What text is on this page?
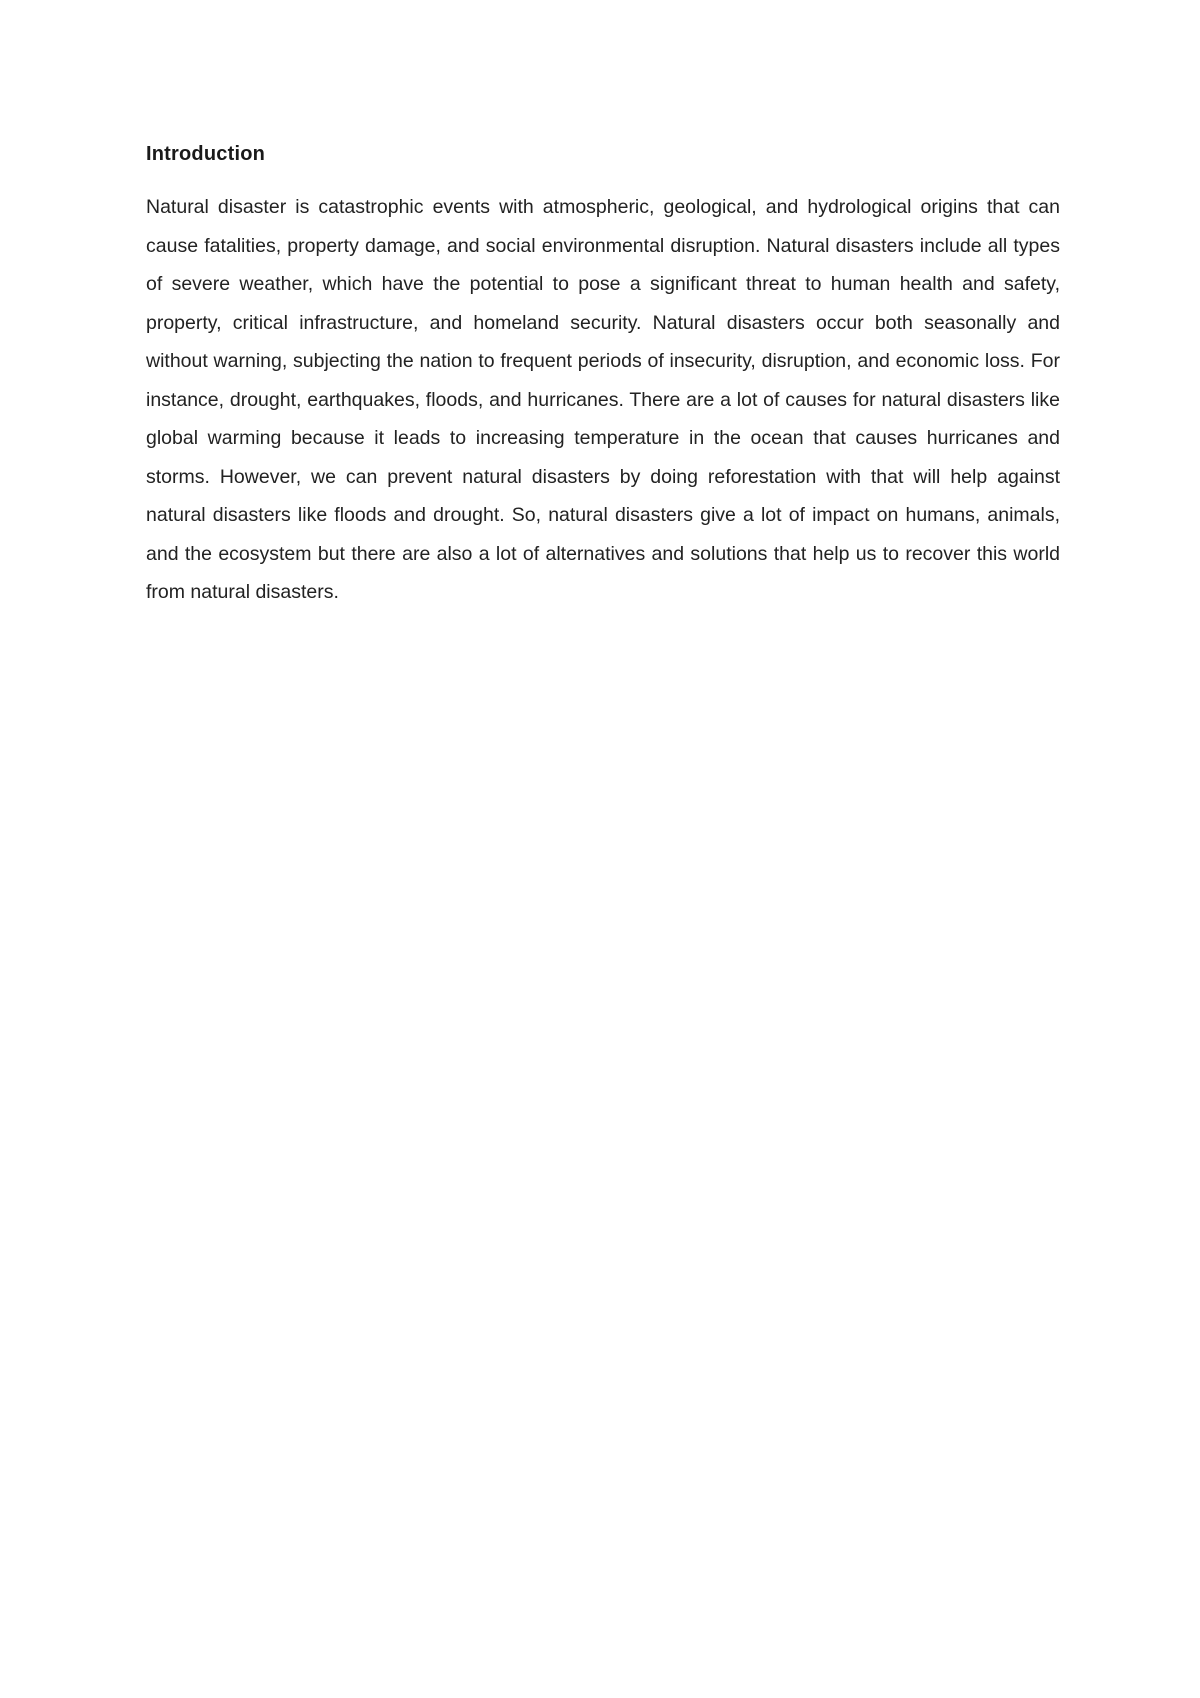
Introduction

Natural disaster is catastrophic events with atmospheric, geological, and hydrological origins that can cause fatalities, property damage, and social environmental disruption. Natural disasters include all types of severe weather, which have the potential to pose a significant threat to human health and safety, property, critical infrastructure, and homeland security. Natural disasters occur both seasonally and without warning, subjecting the nation to frequent periods of insecurity, disruption, and economic loss. For instance, drought, earthquakes, floods, and hurricanes. There are a lot of causes for natural disasters like global warming because it leads to increasing temperature in the ocean that causes hurricanes and storms. However, we can prevent natural disasters by doing reforestation with that will help against natural disasters like floods and drought. So, natural disasters give a lot of impact on humans, animals, and the ecosystem but there are also a lot of alternatives and solutions that help us to recover this world from natural disasters.
